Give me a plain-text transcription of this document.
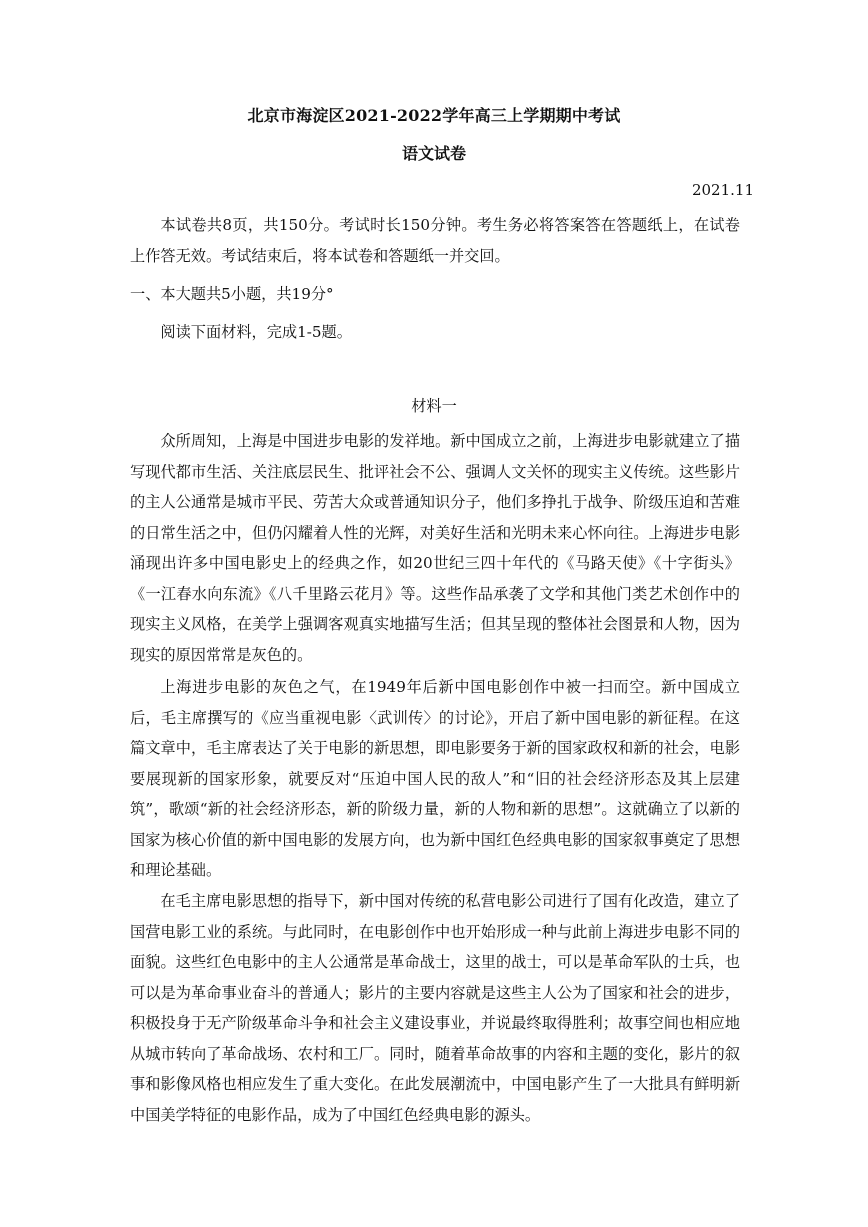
北京市海淀区2021-2022学年高三上学期期中考试
语文试卷
2021.11

本试卷共8页，共150分。考试时长150分钟。考生务必将答案答在答题纸上，在试卷上作答无效。考试结束后，将本试卷和答题纸一并交回。

一、本大题共5小题，共19分°

阅读下面材料，完成1-5题。

材料一

众所周知，上海是中国进步电影的发祥地。新中国成立之前，上海进步电影就建立了描写现代都市生活、关注底层民生、批评社会不公、强调人文关怀的现实主义传统。这些影片的主人公通常是城市平民、劳苦大众或普通知识分子，他们多挣扎于战争、阶级压迫和苦难的日常生活之中，但仍闪耀着人性的光辉，对美好生活和光明未来心怀向往。上海进步电影涌现出许多中国电影史上的经典之作，如20世纪三四十年代的《马路天使》《十字街头》《一江春水向东流》《八千里路云花月》等。这些作品承袭了文学和其他门类艺术创作中的现实主义风格，在美学上强调客观真实地描写生活；但其呈现的整体社会图景和人物，因为现实的原因常常是灰色的。

上海进步电影的灰色之气，在1949年后新中国电影创作中被一扫而空。新中国成立后，毛主席撰写的《应当重视电影〈武训传〉的讨论》，开启了新中国电影的新征程。在这篇文章中，毛主席表达了关于电影的新思想，即电影要务于新的国家政权和新的社会，电影要展现新的国家形象，就要反对“压迫中国人民的敌人”和“旧的社会经济形态及其上层建筑”，歌颂“新的社会经济形态，新的阶级力量，新的人物和新的思想”。这就确立了以新的国家为核心价值的新中国电影的发展方向，也为新中国红色经典电影的国家叙事奠定了思想和理论基础。

在毛主席电影思想的指导下，新中国对传统的私营电影公司进行了国有化改造，建立了国营电影工业的系统。与此同时，在电影创作中也开始形成一种与此前上海进步电影不同的面貌。这些红色电影中的主人公通常是革命战士，这里的战士，可以是革命军队的士兵，也可以是为革命事业奋斗的普通人；影片的主要内容就是这些主人公为了国家和社会的进步，积极投身于无产阶级革命斗争和社会主义建设事业，并说最终取得胜利；故事空间也相应地从城市转向了革命战场、农村和工厂。同时，随着革命故事的内容和主题的变化，影片的叙事和影像风格也相应发生了重大变化。在此发展潮流中，中国电影产生了一大批具有鲜明新中国美学特征的电影作品，成为了中国红色经典电影的源头。
